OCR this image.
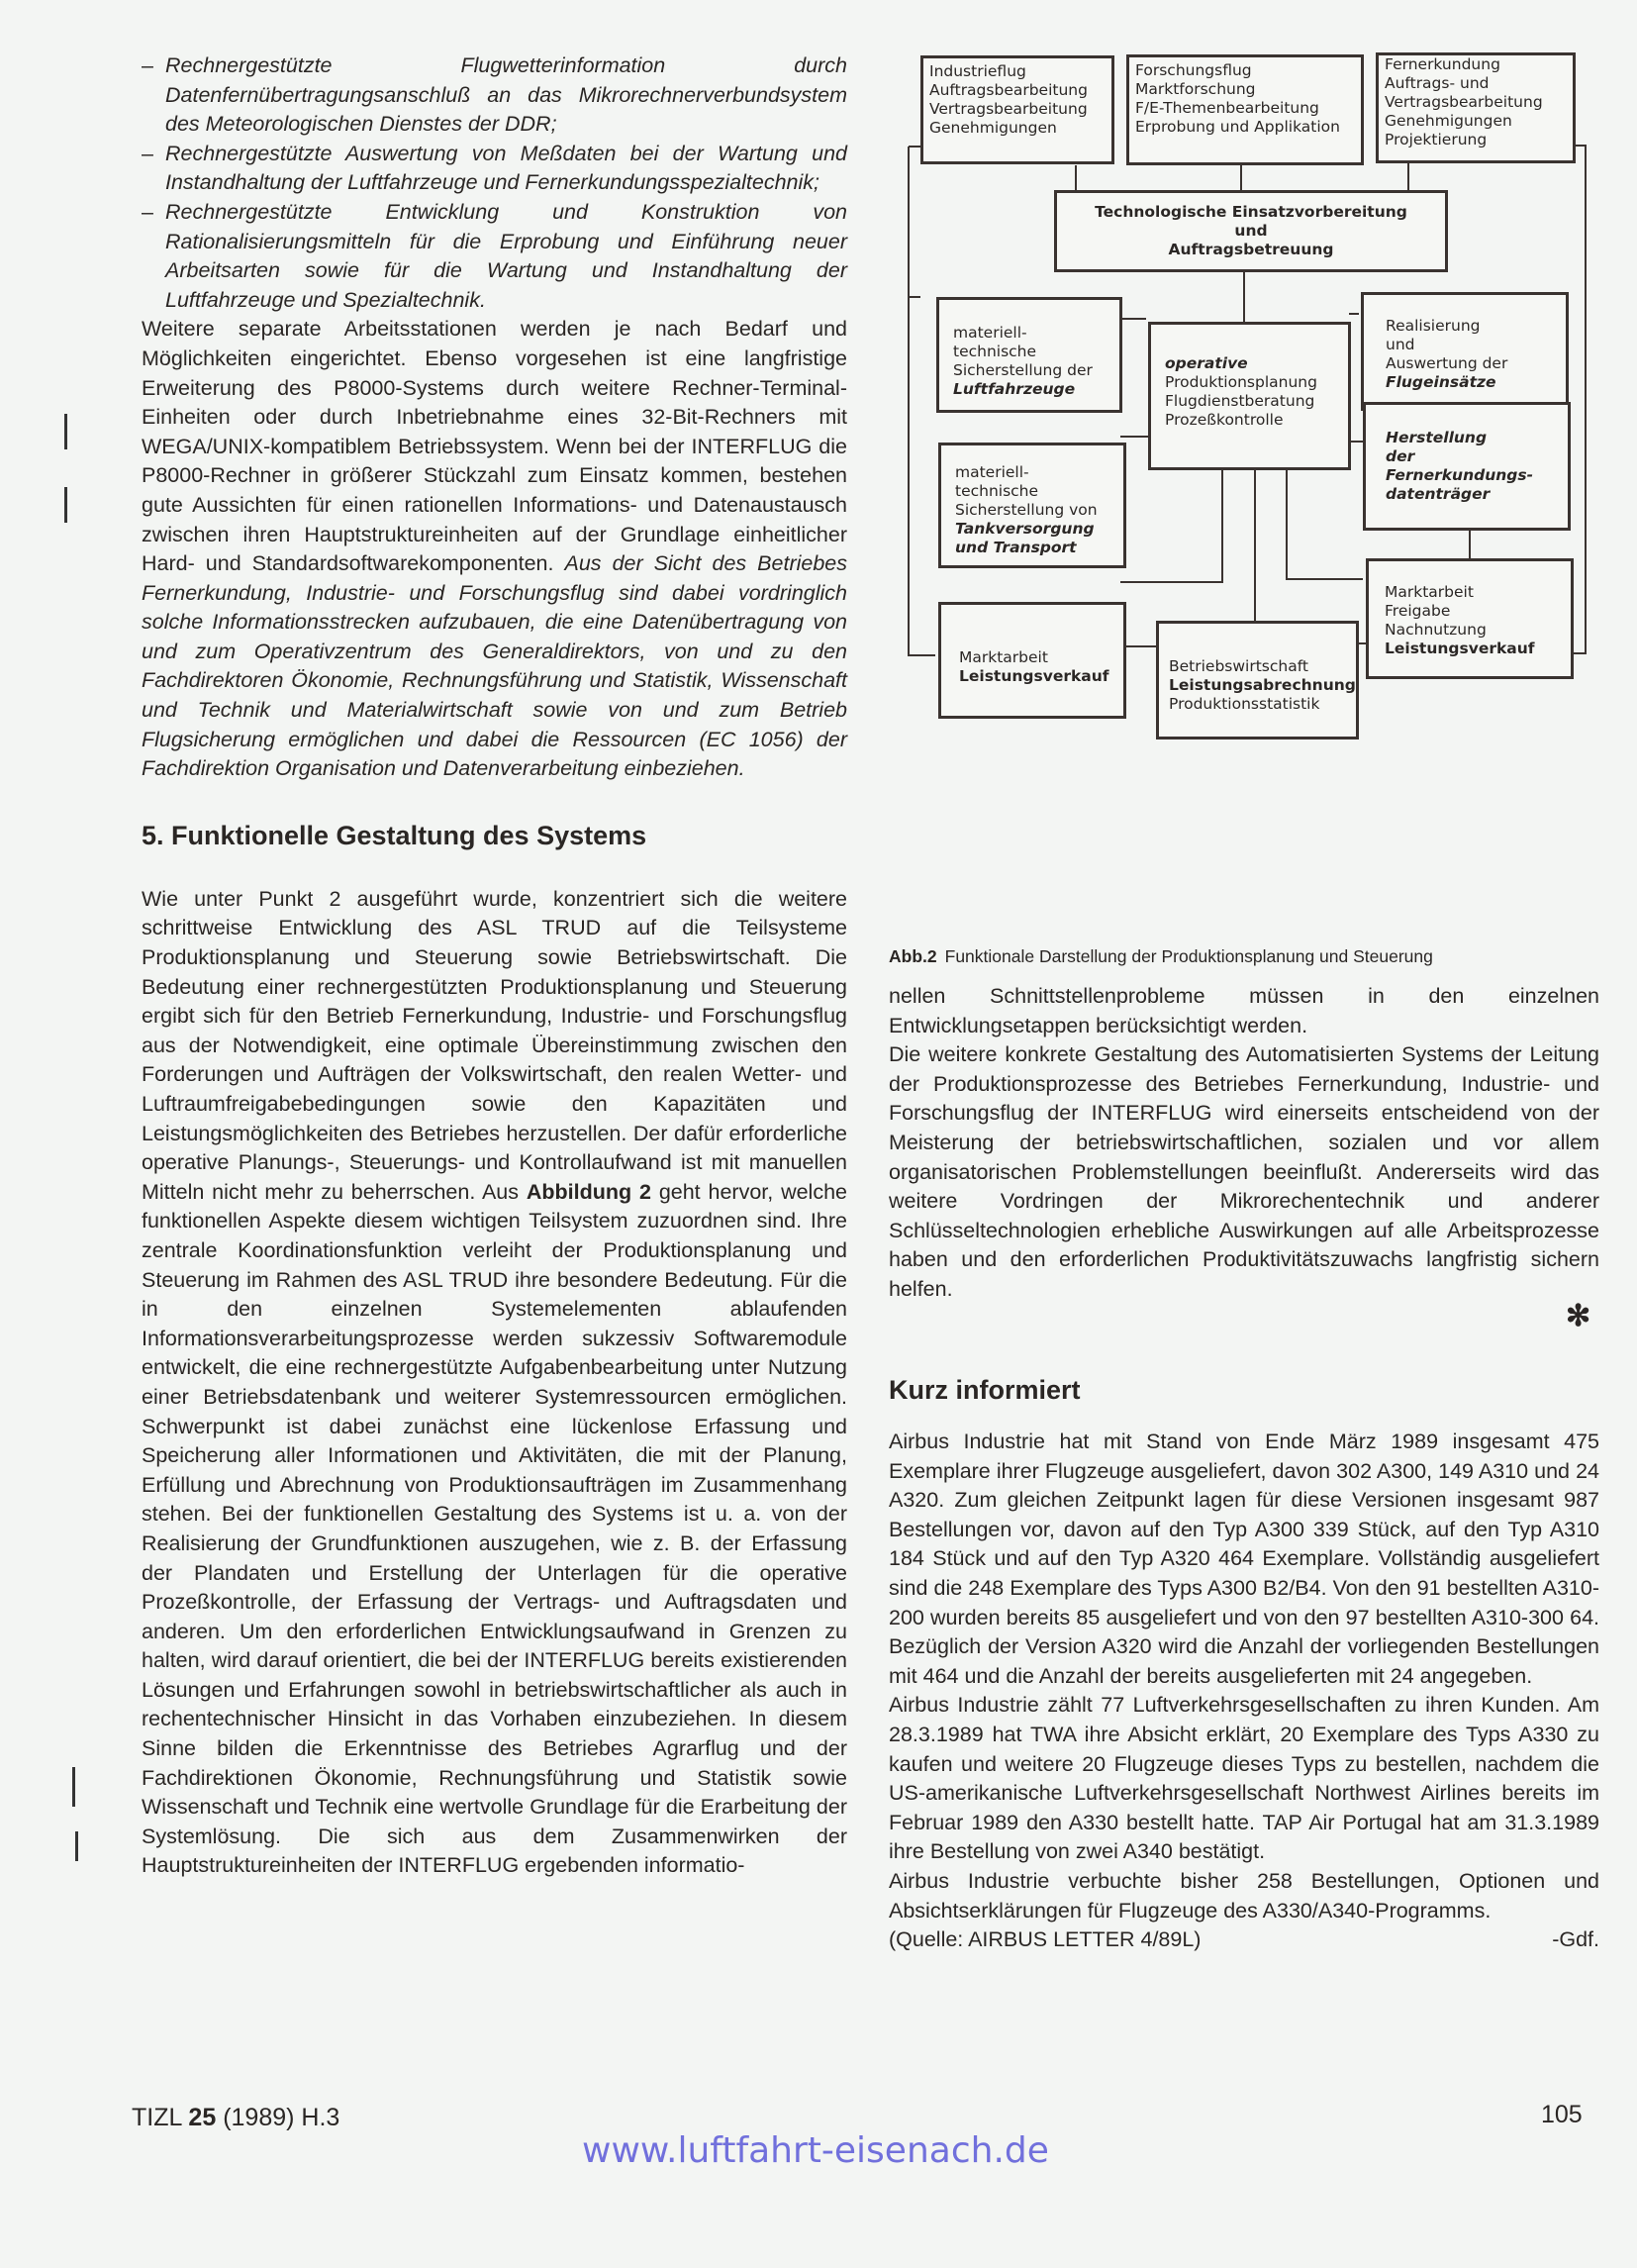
– Rechnergestützte Flugwetterinformation durch Datenfernübertragungsanschluß an das Mikrorechnerverbundsystem des Meteorologischen Dienstes der DDR;
– Rechnergestützte Auswertung von Meßdaten bei der Wartung und Instandhaltung der Luftfahrzeuge und Fernerkundungsspezialtechnik;
– Rechnergestützte Entwicklung und Konstruktion von Rationalisierungsmitteln für die Erprobung und Einführung neuer Arbeitsarten sowie für die Wartung und Instandhaltung der Luftfahrzeuge und Spezialtechnik.

Weitere separate Arbeitsstationen werden je nach Bedarf und Möglichkeiten eingerichtet. Ebenso vorgesehen ist eine langfristige Erweiterung des P8000-Systems durch weitere Rechner-Terminal-Einheiten oder durch Inbetriebnahme eines 32-Bit-Rechners mit WEGA/UNIX-kompatiblem Betriebssystem. Wenn bei der INTERFLUG die P8000-Rechner in größerer Stückzahl zum Einsatz kommen, bestehen gute Aussichten für einen rationellen Informations- und Datenaustausch zwischen ihren Hauptstruktureinheiten auf der Grundlage einheitlicher Hard- und Standardsoftwarekomponenten. Aus der Sicht des Betriebes Fernerkundung, Industrie- und Forschungsflug sind dabei vordringlich solche Informationsstrecken aufzubauen, die eine Datenübertragung von und zum Operativzentrum des Generaldirektors, von und zu den Fachdirektoren Ökonomie, Rechnungsführung und Statistik, Wissenschaft und Technik und Materialwirtschaft sowie von und zum Betrieb Flugsicherung ermöglichen und dabei die Ressourcen (EC 1056) der Fachdirektion Organisation und Datenverarbeitung einbeziehen.

5. Funktionelle Gestaltung des Systems

Wie unter Punkt 2 ausgeführt wurde, konzentriert sich die weitere schrittweise Entwicklung des ASL TRUD auf die Teilsysteme Produktionsplanung und Steuerung sowie Betriebswirtschaft. Die Bedeutung einer rechnergestützten Produktionsplanung und Steuerung ergibt sich für den Betrieb Fernerkundung, Industrie- und Forschungsflug aus der Notwendigkeit, eine optimale Übereinstimmung zwischen den Forderungen und Aufträgen der Volkswirtschaft, den realen Wetter- und Luftraumfreigabebedingungen sowie den Kapazitäten und Leistungsmöglichkeiten des Betriebes herzustellen. Der dafür erforderliche operative Planungs-, Steuerungs- und Kontrollaufwand ist mit manuellen Mitteln nicht mehr zu beherrschen. Aus Abbildung 2 geht hervor, welche funktionellen Aspekte diesem wichtigen Teilsystem zuzuordnen sind. Ihre zentrale Koordinationsfunktion verleiht der Produktionsplanung und Steuerung im Rahmen des ASL TRUD ihre besondere Bedeutung. Für die in den einzelnen Systemelementen ablaufenden Informationsverarbeitungsprozesse werden sukzessiv Softwaremodule entwickelt, die eine rechnergestützte Aufgabenbearbeitung unter Nutzung einer Betriebsdatenbank und weiterer Systemressourcen ermöglichen. Schwerpunkt ist dabei zunächst eine lückenlose Erfassung und Speicherung aller Informationen und Aktivitäten, die mit der Planung, Erfüllung und Abrechnung von Produktionsaufträgen im Zusammenhang stehen. Bei der funktionellen Gestaltung des Systems ist u. a. von der Realisierung der Grundfunktionen auszugehen, wie z. B. der Erfassung der Plandaten und Erstellung der Unterlagen für die operative Prozeßkontrolle, der Erfassung der Vertrags- und Auftragsdaten und anderen. Um den erforderlichen Entwicklungsaufwand in Grenzen zu halten, wird darauf orientiert, die bei der INTERFLUG bereits existierenden Lösungen und Erfahrungen sowohl in betriebswirtschaftlicher als auch in rechentechnischer Hinsicht in das Vorhaben einzubeziehen. In diesem Sinne bilden die Erkenntnisse des Betriebes Agrarflug und der Fachdirektionen Ökonomie, Rechnungsführung und Statistik sowie Wissenschaft und Technik eine wertvolle Grundlage für die Erarbeitung der Systemlösung. Die sich aus dem Zusammenwirken der Hauptstruktureinheiten der INTERFLUG ergebenden informatio-

Industrieflug
Auftragsbearbeitung
Vertragsbearbeitung
Genehmigungen
Forschungsflug
Marktforschung
F/E-Themenbearbeitung
Erprobung und Applikation
Fernerkundung
Auftrags- und
Vertragsbearbeitung
Genehmigungen
Projektierung
Technologische Einsatzvorbereitung
und
Auftragsbetreuung
materiell-
technische
Sicherstellung der
Luftfahrzeuge
operative
Produktionsplanung
Flugdienstberatung
Prozeßkontrolle
Realisierung
und
Auswertung der
Flugeinsätze
materiell-
technische
Sicherstellung von
Tankversorgung
und Transport
Herstellung
der
Fernerkundungs-
datenträger
Marktarbeit
Leistungsverkauf
Betriebswirtschaft
Leistungsabrechnung
Produktionsstatistik
Marktarbeit
Freigabe
Nachnutzung
Leistungsverkauf
Abb.2 Funktionale Darstellung der Produktionsplanung und Steuerung

nellen Schnittstellenprobleme müssen in den einzelnen Entwicklungsetappen berücksichtigt werden.

Die weitere konkrete Gestaltung des Automatisierten Systems der Leitung der Produktionsprozesse des Betriebes Fernerkundung, Industrie- und Forschungsflug der INTERFLUG wird einerseits entscheidend von der Meisterung der betriebswirtschaftlichen, sozialen und vor allem organisatorischen Problemstellungen beeinflußt. Andererseits wird das weitere Vordringen der Mikrorechentechnik und anderer Schlüsseltechnologien erhebliche Auswirkungen auf alle Arbeitsprozesse haben und den erforderlichen Produktivitätszuwachs langfristig sichern helfen.

✻
Kurz informiert

Airbus Industrie hat mit Stand von Ende März 1989 insgesamt 475 Exemplare ihrer Flugzeuge ausgeliefert, davon 302 A300, 149 A310 und 24 A320. Zum gleichen Zeitpunkt lagen für diese Versionen insgesamt 987 Bestellungen vor, davon auf den Typ A300 339 Stück, auf den Typ A310 184 Stück und auf den Typ A320 464 Exemplare. Vollständig ausgeliefert sind die 248 Exemplare des Typs A300 B2/B4. Von den 91 bestellten A310-200 wurden bereits 85 ausgeliefert und von den 97 bestellten A310-300 64. Bezüglich der Version A320 wird die Anzahl der vorliegenden Bestellungen mit 464 und die Anzahl der bereits ausgelieferten mit 24 angegeben.

Airbus Industrie zählt 77 Luftverkehrsgesellschaften zu ihren Kunden. Am 28.3.1989 hat TWA ihre Absicht erklärt, 20 Exemplare des Typs A330 zu kaufen und weitere 20 Flugzeuge dieses Typs zu bestellen, nachdem die US-amerikanische Luftverkehrsgesellschaft Northwest Airlines bereits im Februar 1989 den A330 bestellt hatte. TAP Air Portugal hat am 31.3.1989 ihre Bestellung von zwei A340 bestätigt.

Airbus Industrie verbuchte bisher 258 Bestellungen, Optionen und Absichtserklärungen für Flugzeuge des A330/A340-Programms.

(Quelle: AIRBUS LETTER 4/89L)	-Gdf.

TIZL 25 (1989) H.3	105
www.luftfahrt-eisenach.de
